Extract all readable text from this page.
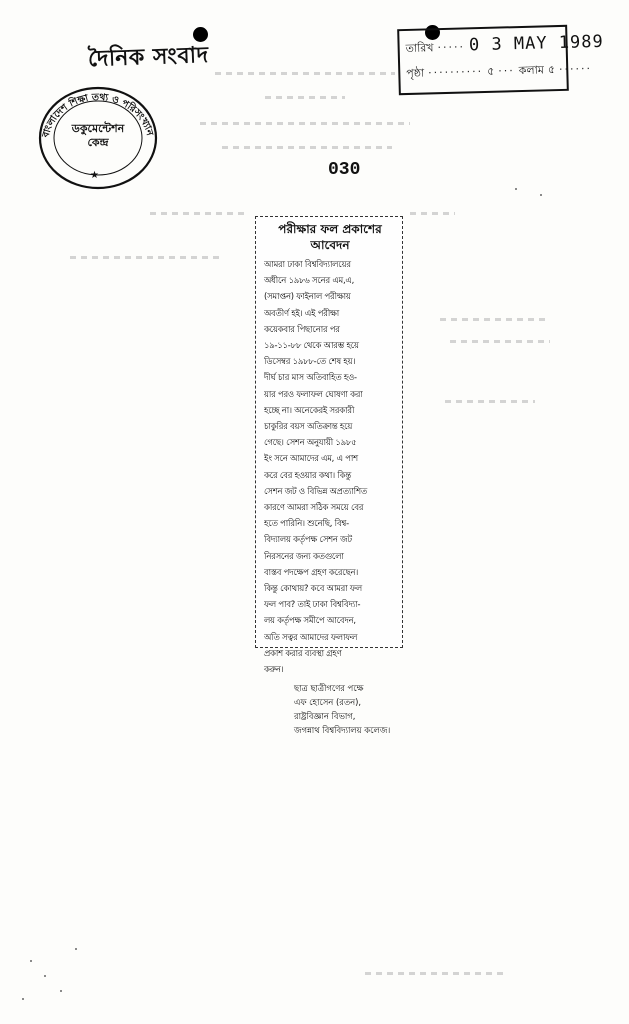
দৈনিক সংবাদ
বাংলাদেশ শিক্ষা তথ্য ও পরিসংখ্যান
★
ডকুমেন্টেশন
কেন্দ্র
তারিখ ····· 0 3 MAY 1989
পৃষ্ঠা ·········· ৫ ··· কলাম ৫ ······
030
পরীক্ষার ফল প্রকাশের
আবেদন
আমরা ঢাকা বিশ্ববিদ্যালয়ের
অধীনে ১৯৮৬ সনের এম,এ,
(সমাপ্তন) ফাইনাল পরীক্ষায়
অবতীর্ণ হই। এই পরীক্ষা
কয়েকবার পিছানোর পর
১৯-১১-৮৮ থেকে আরম্ভ হয়ে
ডিসেম্বর ১৯৮৮-তে শেষ হয়।
দীর্ঘ চার মাস অতিবাহিত হও-
য়ার পরও ফলাফল ঘোষণা করা
হচ্ছে না। অনেকেরই সরকারী
চাকুরির বয়স অতিক্রান্ত হয়ে
গেছে। সেশন অনুযায়ী ১৯৮৫
ইং সনে আমাদের এম, এ পাশ
করে বের হওয়ার কথা। কিন্তু
সেশন জট ও বিভিন্ন অপ্রত্যাশিত
কারণে আমরা সঠিক সময়ে বের
হতে পারিনি। শুনেছি, বিশ্ব-
বিদ্যালয় কর্তৃপক্ষ সেশন জট
নিরসনের জন্য কতগুলো
বাস্তব পদক্ষেপ গ্রহণ করেছেন।
কিন্তু কোথায়? কবে আমরা ফল
ফল পাব? তাই ঢাকা বিশ্ববিদ্যা-
লয় কর্তৃপক্ষ সমীপে আবেদন,
অতি সত্বর আমাদের ফলাফল
প্রকাশ করার ব্যবস্থা গ্রহণ
করুন।
ছাত্র ছাত্রীগণের পক্ষে
এফ হোসেন (রতন),
রাষ্ট্রবিজ্ঞান বিভাগ,
জগন্নাথ বিশ্ববিদ্যালয় কলেজ।
